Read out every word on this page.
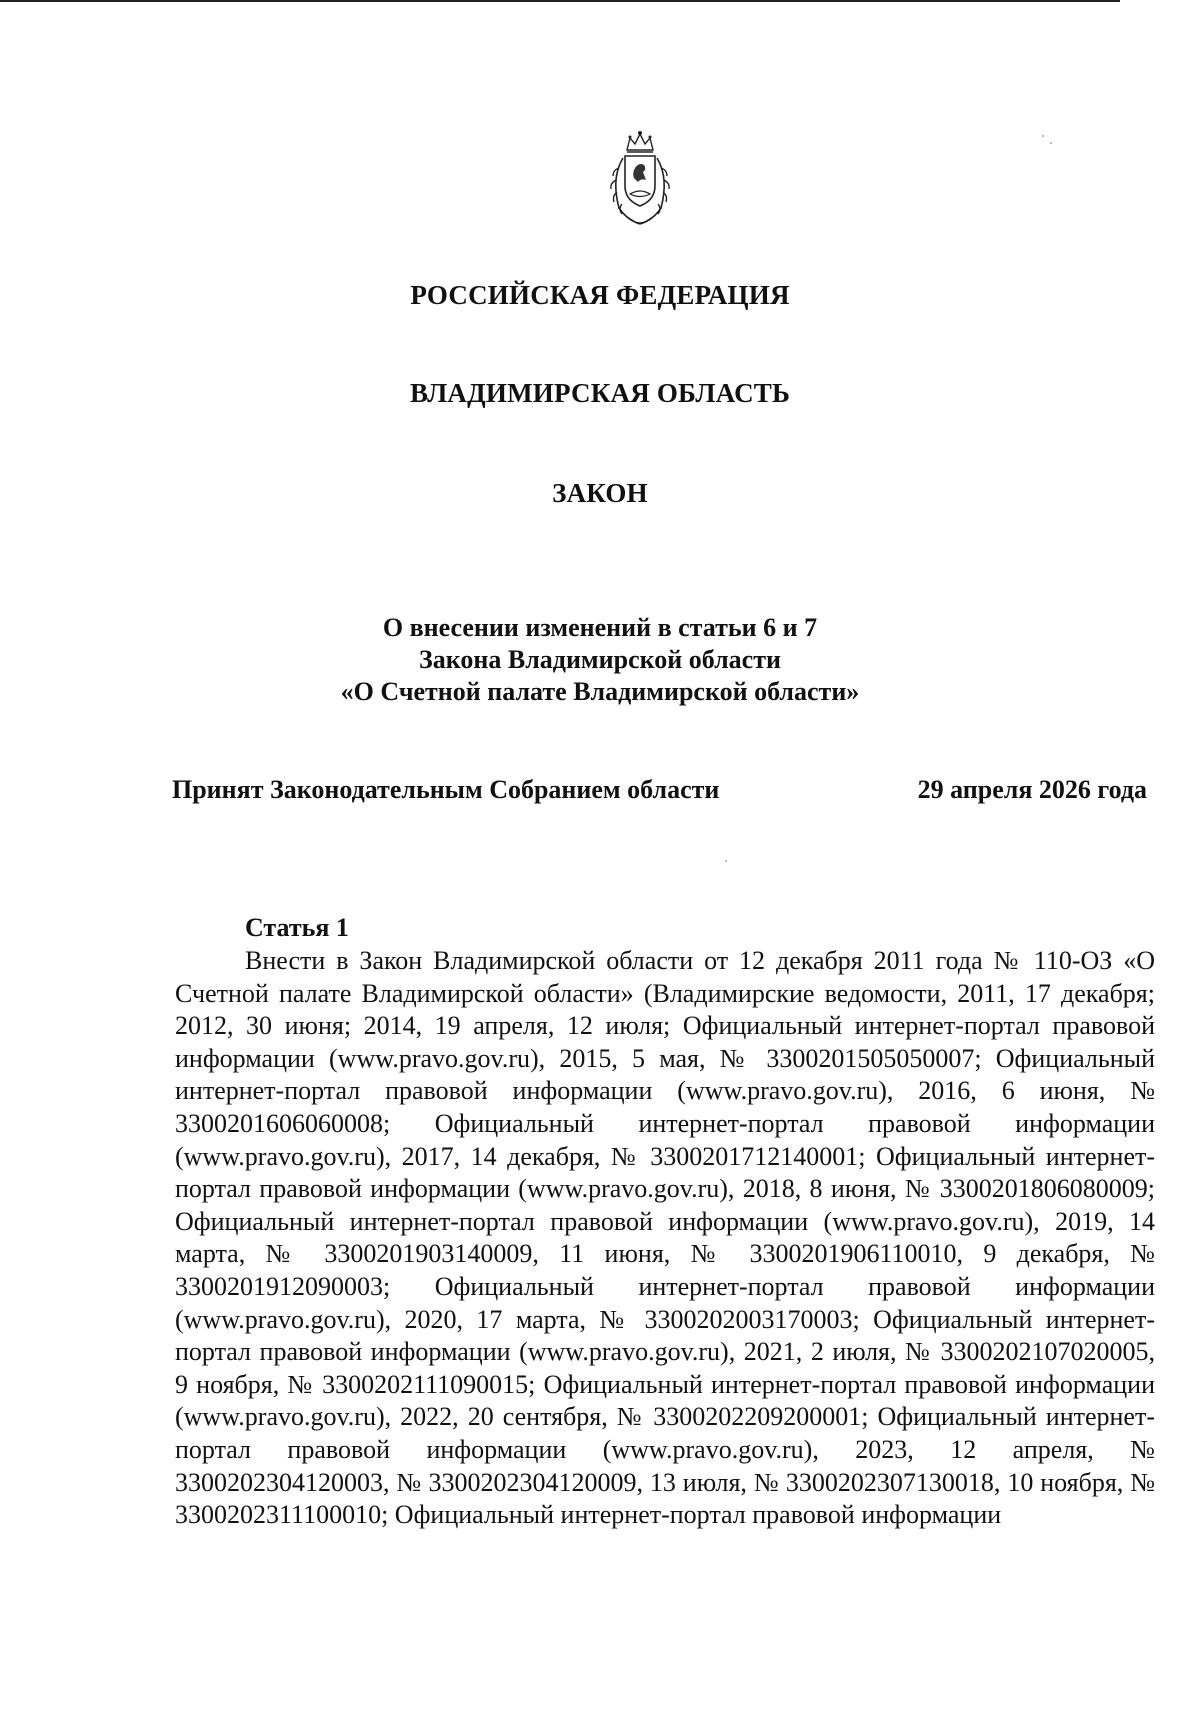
РОССИЙСКАЯ ФЕДЕРАЦИЯ
ВЛАДИМИРСКАЯ ОБЛАСТЬ
ЗАКОН
О внесении изменений в статьи 6 и 7
Закона Владимирской области
«О Счетной палате Владимирской области»
Принят Законодательным Собранием области	29 апреля 2026 года
Статья 1
Внести в Закон Владимирской области от 12 декабря 2011 года № 110-ОЗ «О Счетной палате Владимирской области» (Владимирские ведомости, 2011, 17 декабря; 2012, 30 июня; 2014, 19 апреля, 12 июля; Официальный интернет-портал правовой информации (www.pravo.gov.ru), 2015, 5 мая, № 3300201505050007; Официальный интернет-портал правовой информации (www.pravo.gov.ru), 2016, 6 июня, № 3300201606060008; Официальный интернет-портал правовой информации (www.pravo.gov.ru), 2017, 14 декабря, № 3300201712140001; Официальный интернет-портал правовой информации (www.pravo.gov.ru), 2018, 8 июня, № 3300201806080009; Официальный интернет-портал правовой информации (www.pravo.gov.ru), 2019, 14 марта, № 3300201903140009, 11 июня, № 3300201906110010, 9 декабря, № 3300201912090003; Официальный интернет-портал правовой информации (www.pravo.gov.ru), 2020, 17 марта, № 3300202003170003; Официальный интернет-портал правовой информации (www.pravo.gov.ru), 2021, 2 июля, № 3300202107020005, 9 ноября, № 3300202111090015; Официальный интернет-портал правовой информации (www.pravo.gov.ru), 2022, 20 сентября, № 3300202209200001; Официальный интернет-портал правовой информации (www.pravo.gov.ru), 2023, 12 апреля, № 3300202304120003, № 3300202304120009, 13 июля, № 3300202307130018, 10 ноября, № 3300202311100010; Официальный интернет-портал правовой информации
